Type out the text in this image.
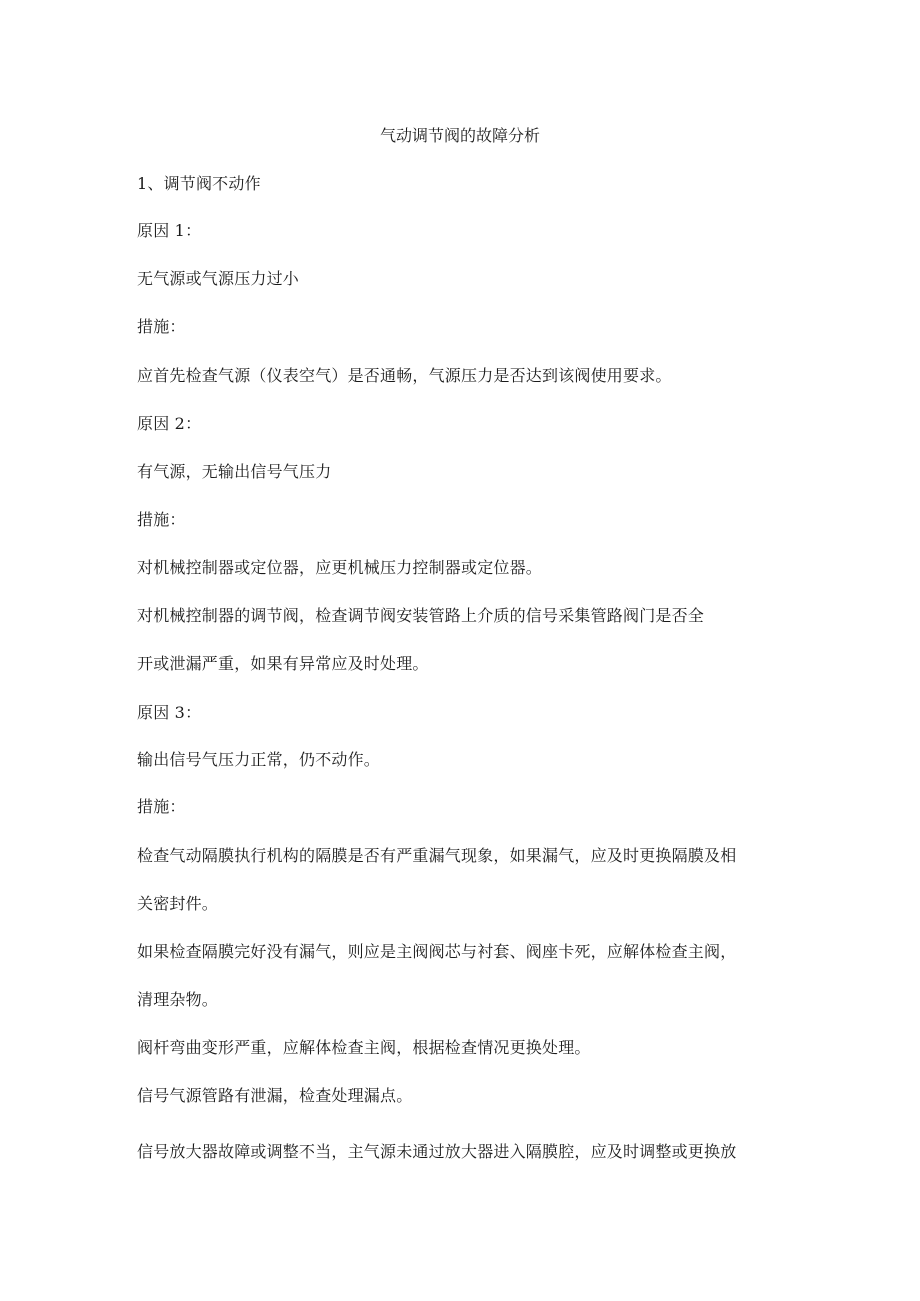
气动调节阀的故障分析
1、调节阀不动作
原因 1：
无气源或气源压力过小
措施：
应首先检查气源（仪表空气）是否通畅，气源压力是否达到该阀使用要求。
原因 2：
有气源，无输出信号气压力
措施：
对机械控制器或定位器，应更机械压力控制器或定位器。
对机械控制器的调节阀，检查调节阀安装管路上介质的信号采集管路阀门是否全
开或泄漏严重，如果有异常应及时处理。
原因 3：
输出信号气压力正常，仍不动作。
措施：
检查气动隔膜执行机构的隔膜是否有严重漏气现象，如果漏气，应及时更换隔膜及相
关密封件。
如果检查隔膜完好没有漏气，则应是主阀阀芯与衬套、阀座卡死，应解体检查主阀，
清理杂物。
阀杆弯曲变形严重，应解体检查主阀，根据检查情况更换处理。
信号气源管路有泄漏，检查处理漏点。
信号放大器故障或调整不当，主气源未通过放大器进入隔膜腔，应及时调整或更换放
